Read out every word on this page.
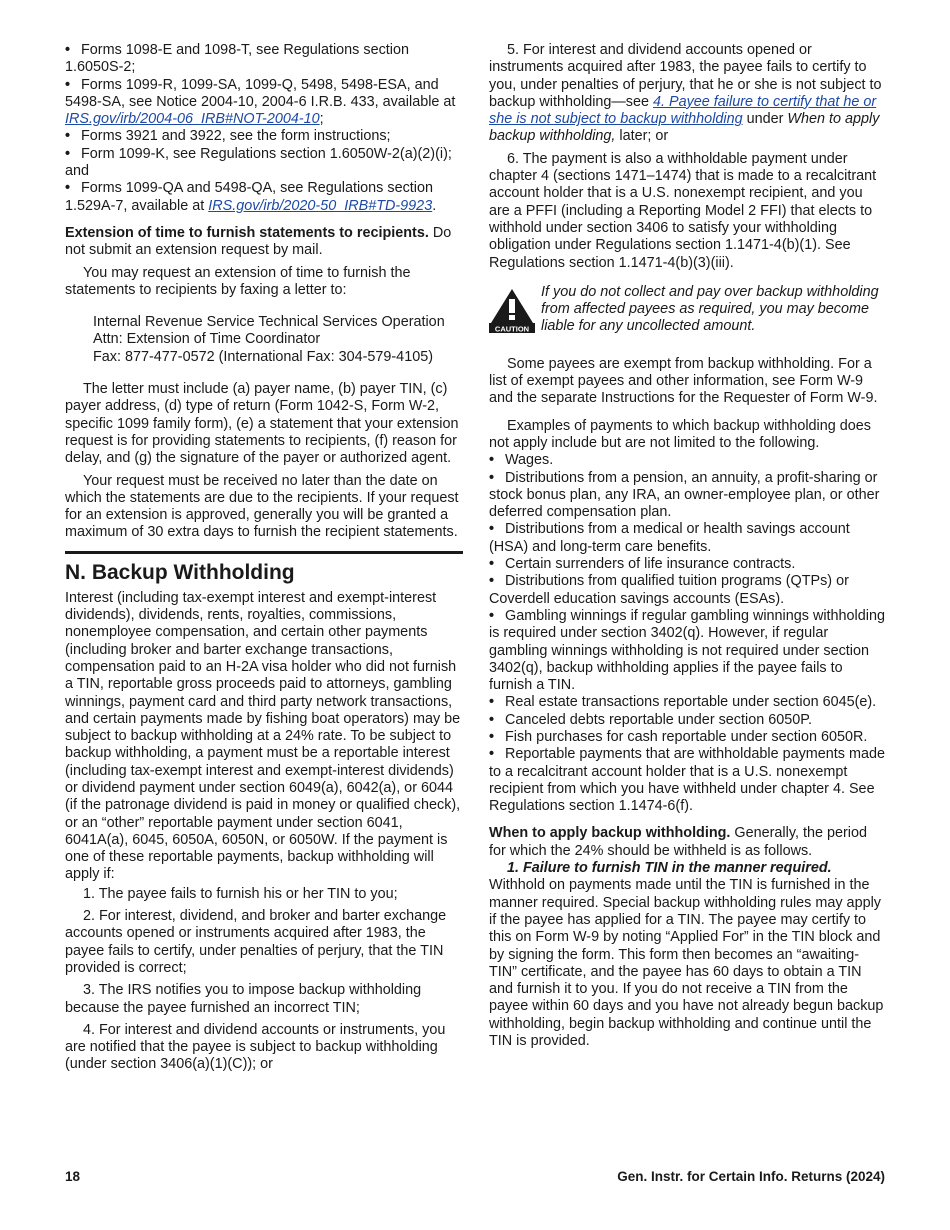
• Forms 1098-E and 1098-T, see Regulations section 1.6050S-2;

• Forms 1099-R, 1099-SA, 1099-Q, 5498, 5498-ESA, and 5498-SA, see Notice 2004-10, 2004-6 I.R.B. 433, available at IRS.gov/irb/2004-06_IRB#NOT-2004-10;

• Forms 3921 and 3922, see the form instructions;

• Form 1099-K, see Regulations section 1.6050W-2(a)(2)(i); and

• Forms 1099-QA and 5498-QA, see Regulations section 1.529A-7, available at IRS.gov/irb/2020-50_IRB#TD-9923.

Extension of time to furnish statements to recipients. Do not submit an extension request by mail.

You may request an extension of time to furnish the statements to recipients by faxing a letter to:

Internal Revenue Service Technical Services Operation

Attn: Extension of Time Coordinator

Fax: 877-477-0572 (International Fax: 304-579-4105)

The letter must include (a) payer name, (b) payer TIN, (c) payer address, (d) type of return (Form 1042-S, Form W-2, specific 1099 family form), (e) a statement that your extension request is for providing statements to recipients, (f) reason for delay, and (g) the signature of the payer or authorized agent.

Your request must be received no later than the date on which the statements are due to the recipients. If your request for an extension is approved, generally you will be granted a maximum of 30 extra days to furnish the recipient statements.

N. Backup Withholding

Interest (including tax-exempt interest and exempt-interest dividends), dividends, rents, royalties, commissions, nonemployee compensation, and certain other payments (including broker and barter exchange transactions, compensation paid to an H-2A visa holder who did not furnish a TIN, reportable gross proceeds paid to attorneys, gambling winnings, payment card and third party network transactions, and certain payments made by fishing boat operators) may be subject to backup withholding at a 24% rate. To be subject to backup withholding, a payment must be a reportable interest (including tax-exempt interest and exempt-interest dividends) or dividend payment under section 6049(a), 6042(a), or 6044 (if the patronage dividend is paid in money or qualified check), or an “other” reportable payment under section 6041, 6041A(a), 6045, 6050A, 6050N, or 6050W. If the payment is one of these reportable payments, backup withholding will apply if:

1. The payee fails to furnish his or her TIN to you;

2. For interest, dividend, and broker and barter exchange accounts opened or instruments acquired after 1983, the payee fails to certify, under penalties of perjury, that the TIN provided is correct;

3. The IRS notifies you to impose backup withholding because the payee furnished an incorrect TIN;

4. For interest and dividend accounts or instruments, you are notified that the payee is subject to backup withholding (under section 3406(a)(1)(C)); or

5. For interest and dividend accounts opened or instruments acquired after 1983, the payee fails to certify to you, under penalties of perjury, that he or she is not subject to backup withholding—see 4. Payee failure to certify that he or she is not subject to backup withholding under When to apply backup withholding, later; or

6. The payment is also a withholdable payment under chapter 4 (sections 1471–1474) that is made to a recalcitrant account holder that is a U.S. nonexempt recipient, and you are a PFFI (including a Reporting Model 2 FFI) that elects to withhold under section 3406 to satisfy your withholding obligation under Regulations section 1.1471-4(b)(1). See Regulations section 1.1471-4(b)(3)(iii).

CAUTION

If you do not collect and pay over backup withholding from affected payees as required, you may become liable for any uncollected amount.

Some payees are exempt from backup withholding. For a list of exempt payees and other information, see Form W-9 and the separate Instructions for the Requester of Form W-9.

Examples of payments to which backup withholding does not apply include but are not limited to the following.

• Wages.

• Distributions from a pension, an annuity, a profit-sharing or stock bonus plan, any IRA, an owner-employee plan, or other deferred compensation plan.

• Distributions from a medical or health savings account (HSA) and long-term care benefits.

• Certain surrenders of life insurance contracts.

• Distributions from qualified tuition programs (QTPs) or Coverdell education savings accounts (ESAs).

• Gambling winnings if regular gambling winnings withholding is required under section 3402(q). However, if regular gambling winnings withholding is not required under section 3402(q), backup withholding applies if the payee fails to furnish a TIN.

• Real estate transactions reportable under section 6045(e).

• Canceled debts reportable under section 6050P.

• Fish purchases for cash reportable under section 6050R.

• Reportable payments that are withholdable payments made to a recalcitrant account holder that is a U.S. nonexempt recipient from which you have withheld under chapter 4. See Regulations section 1.1474-6(f).

When to apply backup withholding. Generally, the period for which the 24% should be withheld is as follows.

1. Failure to furnish TIN in the manner required.

Withhold on payments made until the TIN is furnished in the manner required. Special backup withholding rules may apply if the payee has applied for a TIN. The payee may certify to this on Form W-9 by noting “Applied For” in the TIN block and by signing the form. This form then becomes an “awaiting-TIN” certificate, and the payee has 60 days to obtain a TIN and furnish it to you. If you do not receive a TIN from the payee within 60 days and you have not already begun backup withholding, begin backup withholding and continue until the TIN is provided.

18	Gen. Instr. for Certain Info. Returns (2024)
